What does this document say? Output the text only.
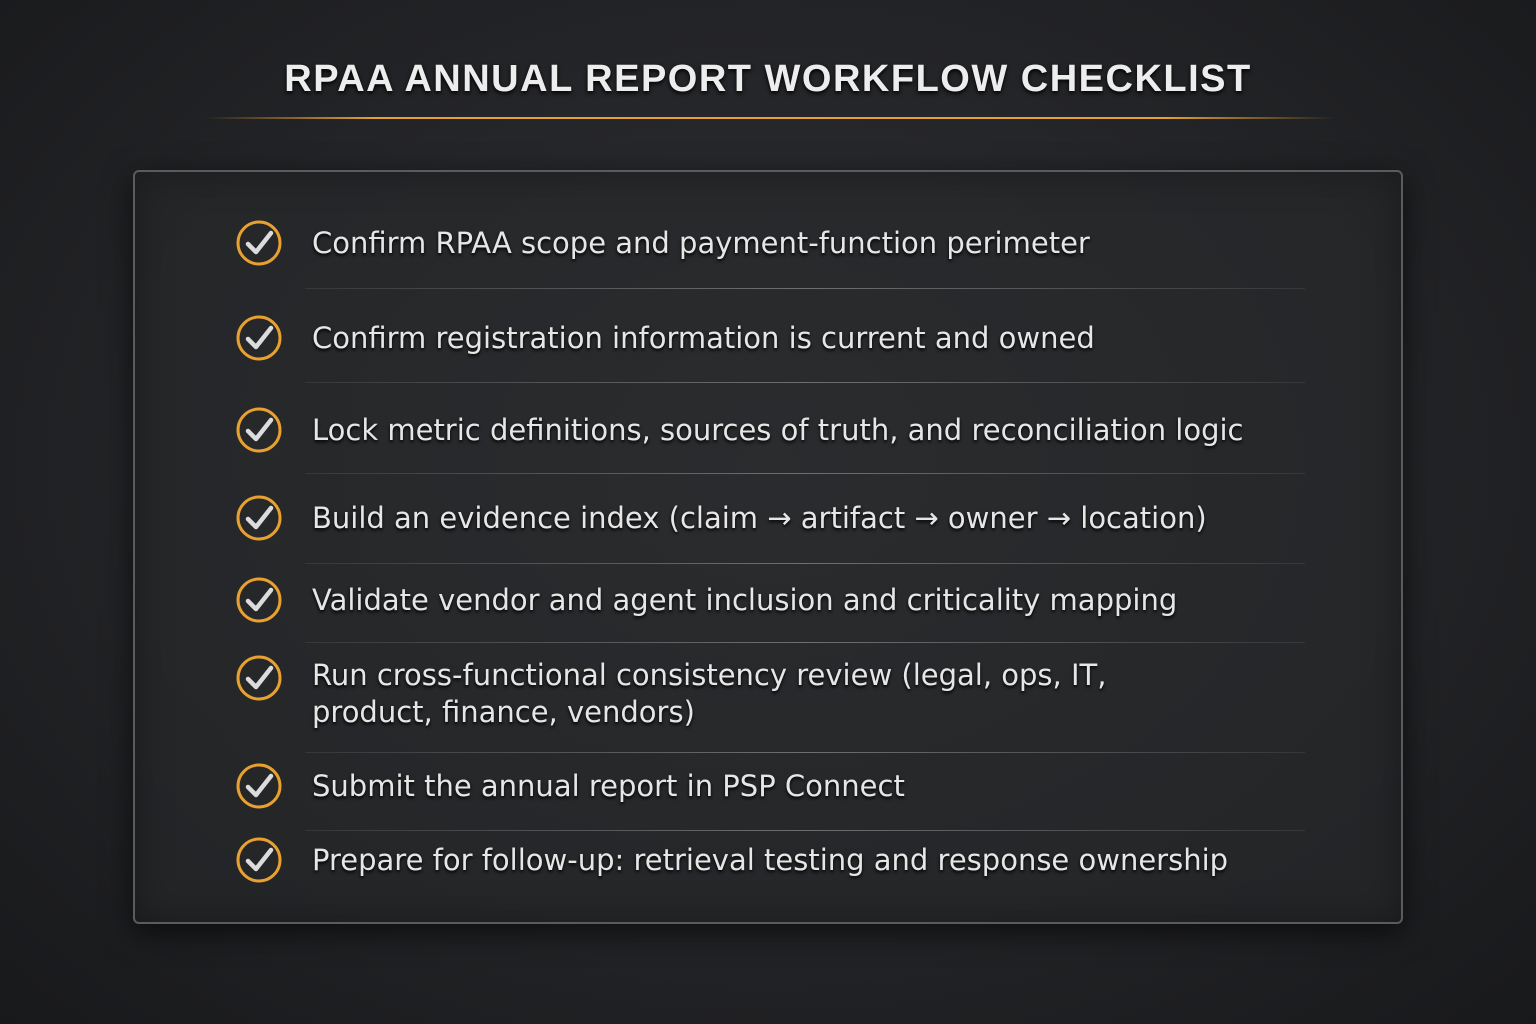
RPAA ANNUAL REPORT WORKFLOW CHECKLIST
Confirm RPAA scope and payment-function perimeter
Confirm registration information is current and owned
Lock metric definitions, sources of truth, and reconciliation logic
Build an evidence index (claim → artifact → owner → location)
Validate vendor and agent inclusion and criticality mapping
Run cross-functional consistency review (legal, ops, IT, product, finance, vendors)
Submit the annual report in PSP Connect
Prepare for follow-up: retrieval testing and response ownership
